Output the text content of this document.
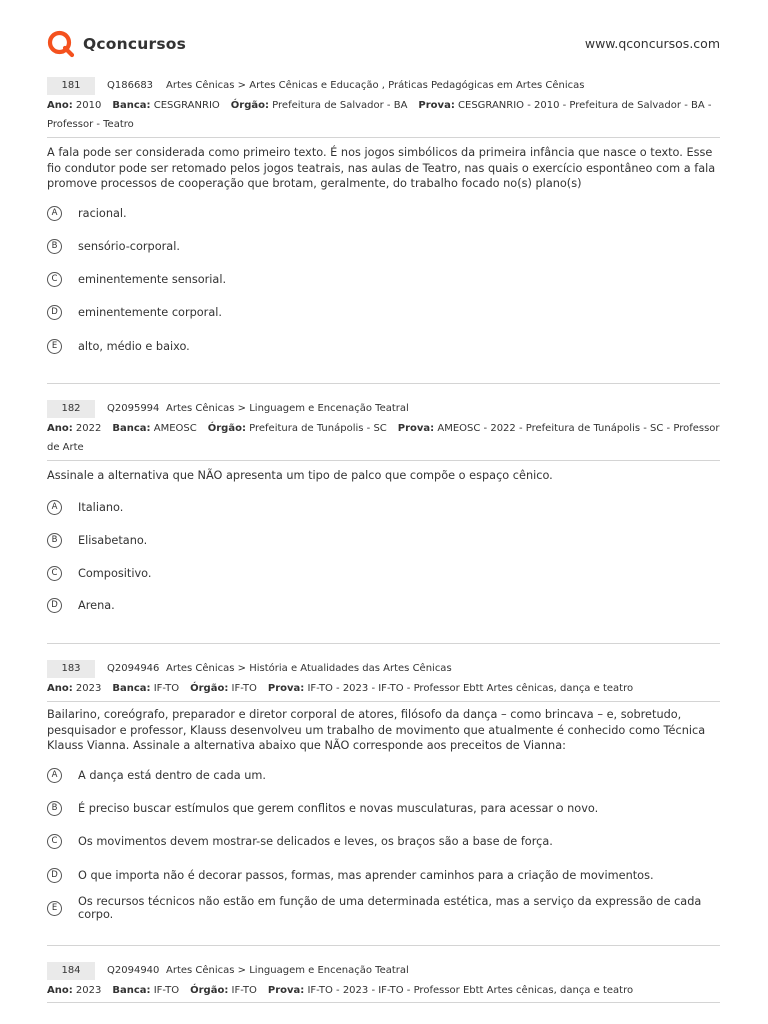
Qconcursos	www.qconcursos.com
181	Q186683 Artes Cênicas > Artes Cênicas e Educação , Práticas Pedagógicas em Artes Cênicas
Ano: 2010 Banca: CESGRANRIO Órgão: Prefeitura de Salvador - BA Prova: CESGRANRIO - 2010 - Prefeitura de Salvador - BA - Professor - Teatro
A fala pode ser considerada como primeiro texto. É nos jogos simbólicos da primeira infância que nasce o texto. Esse fio condutor pode ser retomado pelos jogos teatrais, nas aulas de Teatro, nas quais o exercício espontâneo com a fala promove processos de cooperação que brotam, geralmente, do trabalho focado no(s) plano(s)
A	racional.
B	sensório-corporal.
C	eminentemente sensorial.
D	eminentemente corporal.
E	alto, médio e baixo.
182	Q2095994 Artes Cênicas > Linguagem e Encenação Teatral
Ano: 2022 Banca: AMEOSC Órgão: Prefeitura de Tunápolis - SC Prova: AMEOSC - 2022 - Prefeitura de Tunápolis - SC - Professor de Arte
Assinale a alternativa que NÃO apresenta um tipo de palco que compõe o espaço cênico.
A	Italiano.
B	Elisabetano.
C	Compositivo.
D	Arena.
183	Q2094946 Artes Cênicas > História e Atualidades das Artes Cênicas
Ano: 2023 Banca: IF-TO Órgão: IF-TO Prova: IF-TO - 2023 - IF-TO - Professor Ebtt Artes cênicas, dança e teatro
Bailarino, coreógrafo, preparador e diretor corporal de atores, filósofo da dança – como brincava – e, sobretudo, pesquisador e professor, Klauss desenvolveu um trabalho de movimento que atualmente é conhecido como Técnica Klauss Vianna. Assinale a alternativa abaixo que NÃO corresponde aos preceitos de Vianna:
A	A dança está dentro de cada um.
B	É preciso buscar estímulos que gerem conflitos e novas musculaturas, para acessar o novo.
C	Os movimentos devem mostrar-se delicados e leves, os braços são a base de força.
D	O que importa não é decorar passos, formas, mas aprender caminhos para a criação de movimentos.
E	Os recursos técnicos não estão em função de uma determinada estética, mas a serviço da expressão de cada corpo.
184	Q2094940 Artes Cênicas > Linguagem e Encenação Teatral
Ano: 2023 Banca: IF-TO Órgão: IF-TO Prova: IF-TO - 2023 - IF-TO - Professor Ebtt Artes cênicas, dança e teatro
